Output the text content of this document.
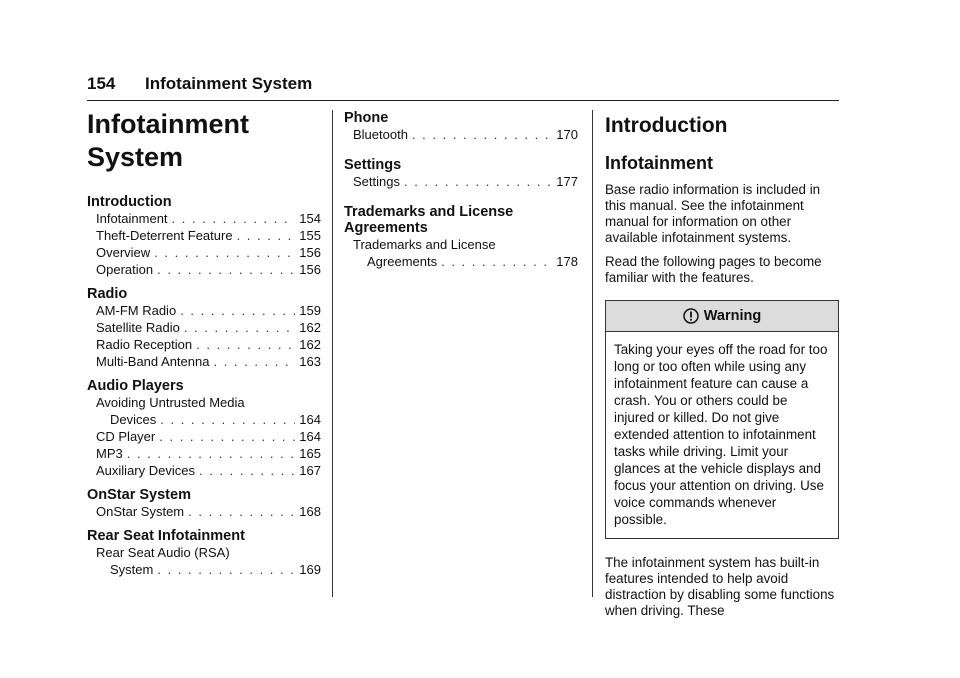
154 Infotainment System
Infotainment
System
Introduction
Infotainment . . .	154
Theft-Deterrent Feature . . .	155
Overview . . .	156
Operation . . .	156
Radio
AM-FM Radio . . .	159
Satellite Radio . . .	162
Radio Reception . . .	162
Multi-Band Antenna . . .	163
Audio Players
Avoiding Untrusted Media
Devices . . .	164
CD Player . . .	164
MP3 . . .	165
Auxiliary Devices . . .	167
OnStar System
OnStar System . . .	168
Rear Seat Infotainment
Rear Seat Audio (RSA)
System . . .	169
Phone
Bluetooth . . .	170
Settings
Settings . . .	177
Trademarks and License
Agreements
Trademarks and License
Agreements . . .	178
Introduction
Infotainment

Base radio information is included in this manual. See the infotainment manual for information on other available infotainment systems.

Read the following pages to become familiar with the features.

Warning
Taking your eyes off the road for too long or too often while using any infotainment feature can cause a crash. You or others could be injured or killed. Do not give extended attention to infotainment tasks while driving. Limit your glances at the vehicle displays and focus your attention on driving. Use voice commands whenever possible.

The infotainment system has built-in features intended to help avoid distraction by disabling some functions when driving. These
